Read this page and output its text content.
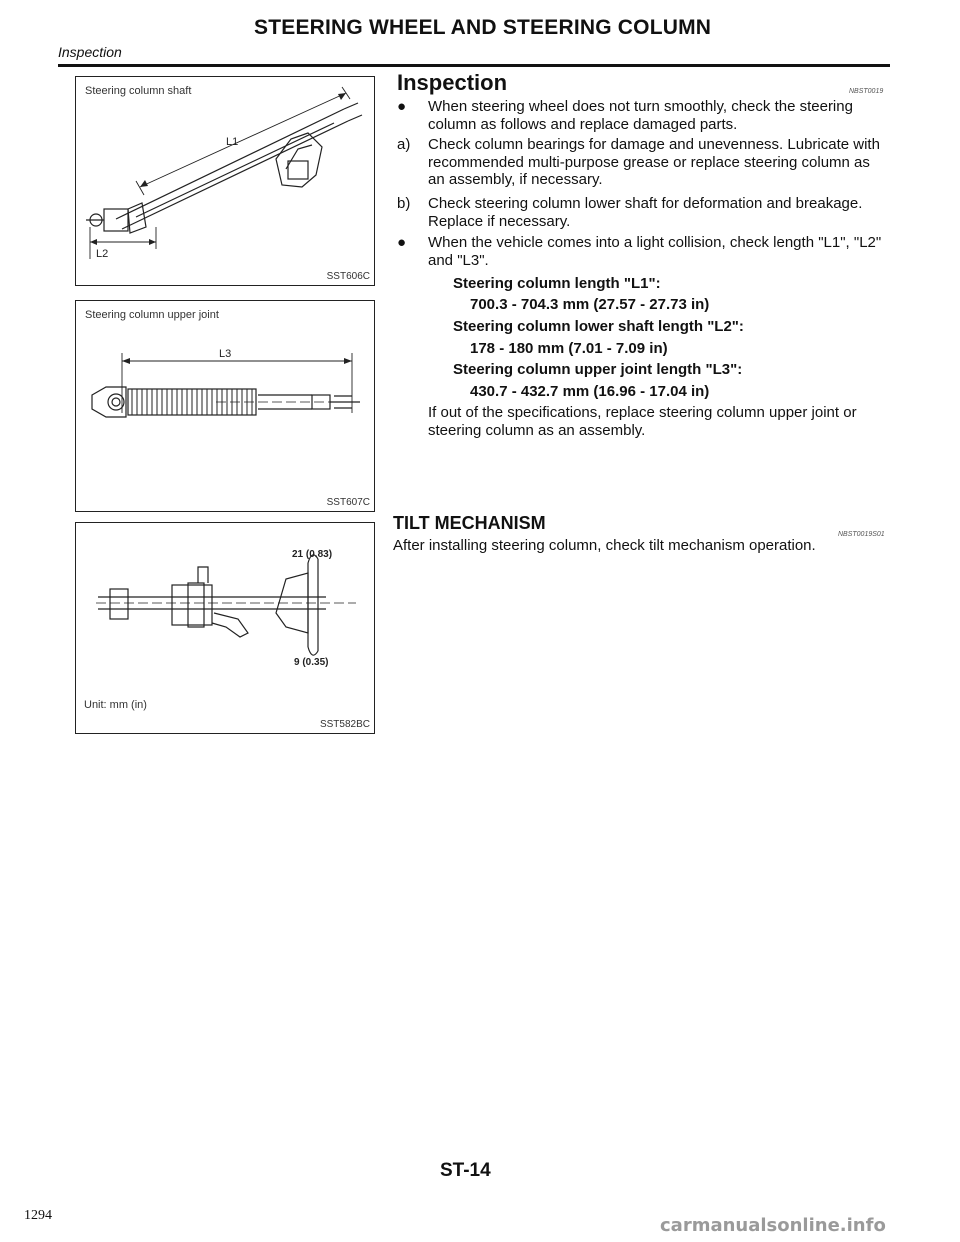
Inspection
STEERING WHEEL AND STEERING COLUMN
L1
L2
Steering column shaft
SST606C
L3
Steering column upper joint
SST607C
21 (0.83)
9 (0.35)
Unit: mm (in)
SST582BC
Inspection	NBST0019
●	When steering wheel does not turn smoothly, check the steering column as follows and replace damaged parts.
a)	Check column bearings for damage and unevenness. Lubricate with recommended multi-purpose grease or replace steering column as an assembly, if necessary.
b)	Check steering column lower shaft for deformation and breakage. Replace if necessary.
●	When the vehicle comes into a light collision, check length "L1", "L2" and "L3".
Steering column length "L1":
700.3 - 704.3 mm (27.57 - 27.73 in)
Steering column lower shaft length "L2":
178 - 180 mm (7.01 - 7.09 in)
Steering column upper joint length "L3":
430.7 - 432.7 mm (16.96 - 17.04 in)
If out of the specifications, replace steering column upper joint or steering column as an assembly.
TILT MECHANISM
NBST0019S01
After installing steering column, check tilt mechanism operation.
ST-14
1294	carmanualsonline.info
